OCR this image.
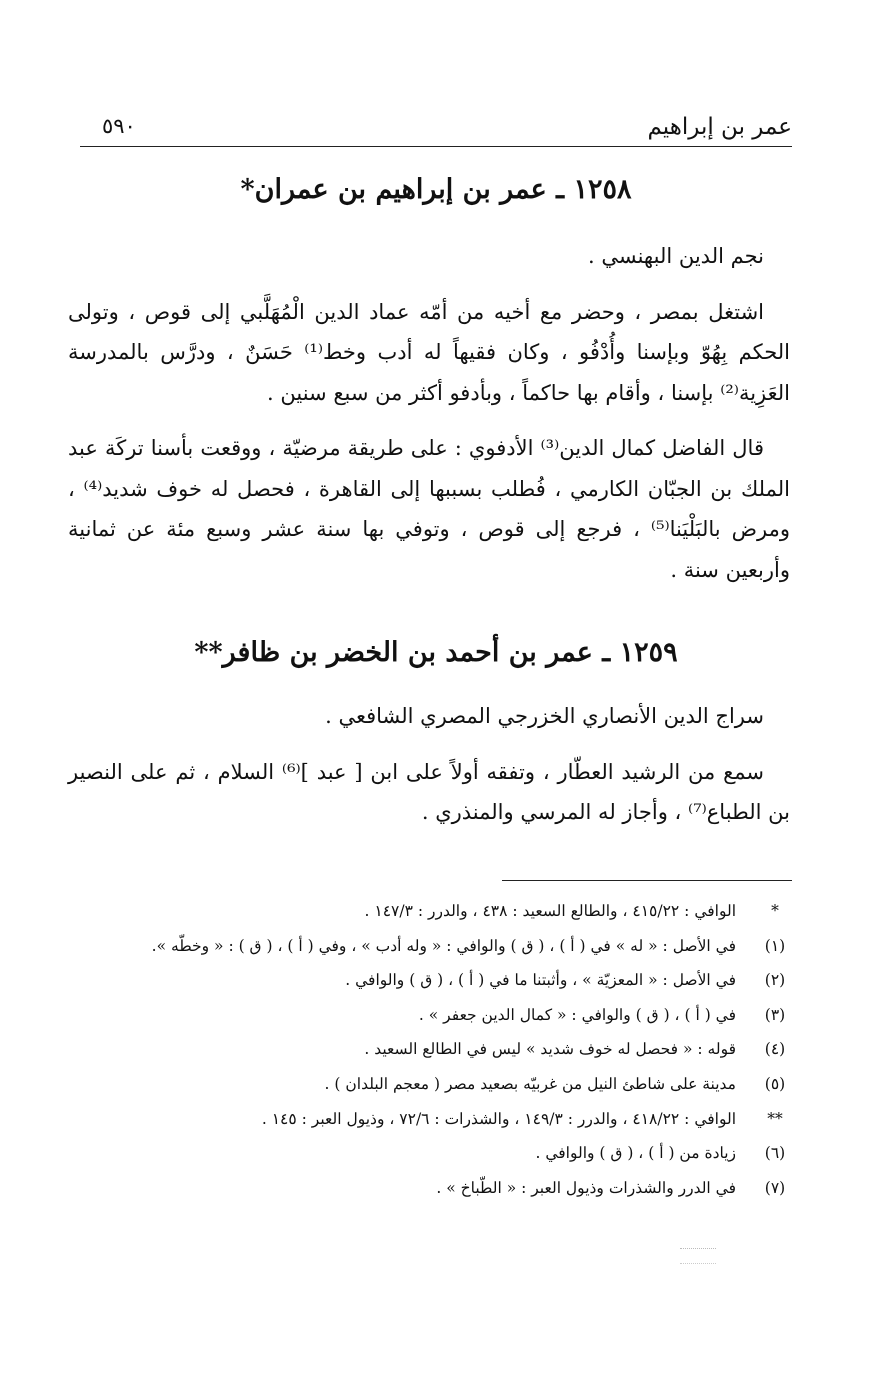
عمر بن إبراهيم
٥٩٠
١٢٥٨ ـ عمر بن إبراهيم بن عمران*

نجم الدين البهنسي .

اشتغل بمصر ، وحضر مع أخيه من أمّه عماد الدين الْمُهَلَّبي إلى قوص ، وتولى الحكم بِهُوّ وبإسنا وأُدْفُو ، وكان فقيهاً له أدب وخط⁽¹⁾ حَسَنٌ ، ودرَّس بالمدرسة العَزِية⁽²⁾ بإسنا ، وأقام بها حاكماً ، وبأدفو أكثر من سبع سنين .

قال الفاضل كمال الدين⁽³⁾ الأدفوي : على طريقة مرضيّة ، ووقعت بأسنا تركَة عبد الملك بن الجبّان الكارمي ، فُطلب بسببها إلى القاهرة ، فحصل له خوف شديد⁽⁴⁾ ، ومرض بالبَلْيَنا⁽⁵⁾ ، فرجع إلى قوص ، وتوفي بها سنة عشر وسبع مئة عن ثمانية وأربعين سنة .

١٢٥٩ ـ عمر بن أحمد بن الخضر بن ظافر**

سراج الدين الأنصاري الخزرجي المصري الشافعي .

سمع من الرشيد العطّار ، وتفقه أولاً على ابن [ عبد ]⁽⁶⁾ السلام ، ثم على النصير بن الطباع⁽⁷⁾ ، وأجاز له المرسي والمنذري .

*
الوافي : ٤١٥/٢٢ ، والطالع السعيد : ٤٣٨ ، والدرر : ١٤٧/٣ .
(١)
في الأصل : « له » في ( أ ) ، ( ق ) والوافي : « وله أدب » ، وفي ( أ ) ، ( ق ) : « وخطّه ».
(٢)
في الأصل : « المعزيّة » ، وأثبتنا ما في ( أ ) ، ( ق ) والوافي .
(٣)
في ( أ ) ، ( ق ) والوافي : « كمال الدين جعفر » .
(٤)
قوله : « فحصل له خوف شديد » ليس في الطالع السعيد .
(٥)
مدينة على شاطئ النيل من غربيّه بصعيد مصر ( معجم البلدان ) .
**
الوافي : ٤١٨/٢٢ ، والدرر : ١٤٩/٣ ، والشذرات : ٧٢/٦ ، وذيول العبر : ١٤٥ .
(٦)
زيادة من ( أ ) ، ( ق ) والوافي .
(٧)
في الدرر والشذرات وذيول العبر : « الطّباخ » .
